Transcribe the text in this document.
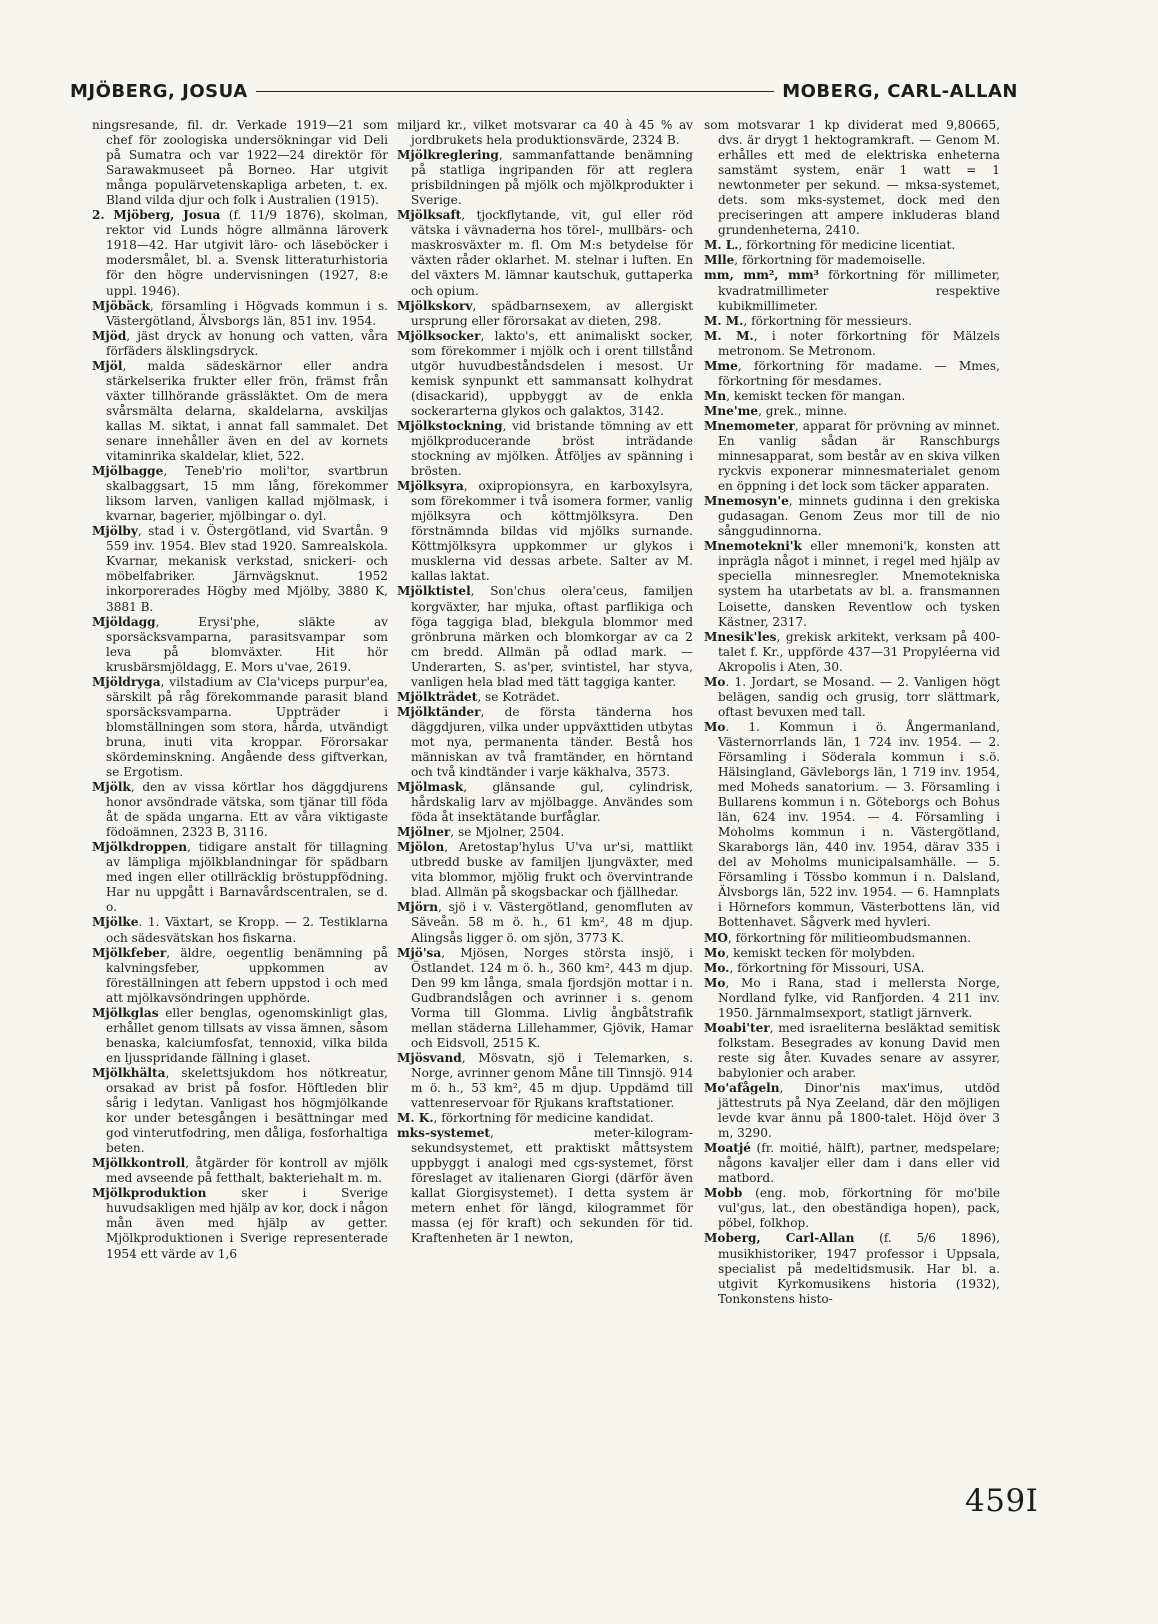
MJÖBERG, JOSUA	MOBERG, CARL-ALLAN

ningsresande, fil. dr. Verkade 1919—21 som chef för zoologiska undersökningar vid Deli på Sumatra och var 1922—24 direktör för Sarawakmuseet på Borneo. Har utgivit många populärvetenskapliga arbeten, t. ex. Bland vilda djur och folk i Australien (1915).

2. Mjöberg, Josua (f. 11/9 1876), skolman, rektor vid Lunds högre allmänna läroverk 1918—42. Har utgivit läro- och läseböcker i modersmålet, bl. a. Svensk litteraturhistoria för den högre undervisningen (1927, 8:e uppl. 1946).

Mjöbäck, församling i Högvads kommun i s. Västergötland, Älvsborgs län, 851 inv. 1954.

Mjöd, jäst dryck av honung och vatten, våra förfäders älsklingsdryck.

Mjöl, malda sädeskärnor eller andra stärkelserika frukter eller frön, främst från växter tillhörande grässläktet. Om de mera svårsmälta delarna, skaldelarna, avskiljas kallas M. siktat, i annat fall sammalet. Det senare innehåller även en del av kornets vitaminrika skaldelar, kliet, 522.

Mjölbagge, Teneb'rio moli'tor, svartbrun skalbaggsart, 15 mm lång, förekommer liksom larven, vanligen kallad mjölmask, i kvarnar, bagerier, mjölbingar o. dyl.

Mjölby, stad i v. Östergötland, vid Svartån. 9 559 inv. 1954. Blev stad 1920. Samrealskola. Kvarnar, mekanisk verkstad, snickeri- och möbelfabriker. Järnvägsknut. 1952 inkorporerades Högby med Mjölby, 3880 K, 3881 B.

Mjöldagg, Erysi'phe, släkte av sporsäcksvamparna, parasitsvampar som leva på blomväxter. Hit hör krusbärsmjöldagg, E. Mors u'vae, 2619.

Mjöldryga, vilstadium av Cla'viceps purpur'ea, särskilt på råg förekommande parasit bland sporsäcksvamparna. Uppträder i blomställningen som stora, hårda, utvändigt bruna, inuti vita kroppar. Förorsakar skördeminskning. Angående dess giftverkan, se Ergotism.

Mjölk, den av vissa körtlar hos däggdjurens honor avsöndrade vätska, som tjänar till föda åt de späda ungarna. Ett av våra viktigaste födoämnen, 2323 B, 3116.

Mjölkdroppen, tidigare anstalt för tillagning av lämpliga mjölkblandningar för spädbarn med ingen eller otillräcklig bröstuppfödning. Har nu uppgått i Barnavårdscentralen, se d. o.

Mjölke. 1. Växtart, se Kropp. — 2. Testiklarna och sädesvätskan hos fiskarna.

Mjölkfeber, äldre, oegentlig benämning på kalvningsfeber, uppkommen av föreställningen att febern uppstod i och med att mjölkavsöndringen upphörde.

Mjölkglas eller benglas, ogenomskinligt glas, erhållet genom tillsats av vissa ämnen, såsom benaska, kalciumfosfat, tennoxid, vilka bilda en ljusspridande fällning i glaset.

Mjölkhälta, skelettsjukdom hos nötkreatur, orsakad av brist på fosfor. Höftleden blir sårig i ledytan. Vanligast hos högmjölkande kor under betesgången i besättningar med god vinterutfodring, men dåliga, fosforhaltiga beten.

Mjölkkontroll, åtgärder för kontroll av mjölk med avseende på fetthalt, bakteriehalt m. m.

Mjölkproduktion sker i Sverige huvudsakligen med hjälp av kor, dock i någon mån även med hjälp av getter. Mjölkproduktionen i Sverige representerade 1954 ett värde av 1,6

miljard kr., vilket motsvarar ca 40 à 45 % av jordbrukets hela produktionsvärde, 2324 B.

Mjölkreglering, sammanfattande benämning på statliga ingripanden för att reglera prisbildningen på mjölk och mjölkprodukter i Sverige.

Mjölksaft, tjockflytande, vit, gul eller röd vätska i vävnaderna hos törel-, mullbärs- och maskrosväxter m. fl. Om M:s betydelse för växten råder oklarhet. M. stelnar i luften. En del växters M. lämnar kautschuk, guttaperka och opium.

Mjölkskorv, spädbarnsexem, av allergiskt ursprung eller förorsakat av dieten, 298.

Mjölksocker, lakto's, ett animaliskt socker, som förekommer i mjölk och i orent tillstånd utgör huvudbeståndsdelen i mesost. Ur kemisk synpunkt ett sammansatt kolhydrat (disackarid), uppbyggt av de enkla sockerarterna glykos och galaktos, 3142.

Mjölkstockning, vid bristande tömning av ett mjölkproducerande bröst inträdande stockning av mjölken. Åtföljes av spänning i brösten.

Mjölksyra, oxipropionsyra, en karboxylsyra, som förekommer i två isomera former, vanlig mjölksyra och köttmjölksyra. Den förstnämnda bildas vid mjölks surnande. Köttmjölksyra uppkommer ur glykos i musklerna vid dessas arbete. Salter av M. kallas laktat.

Mjölktistel, Son'chus olera'ceus, familjen korgväxter, har mjuka, oftast parflikiga och föga taggiga blad, blekgula blommor med grönbruna märken och blomkorgar av ca 2 cm bredd. Allmän på odlad mark. — Underarten, S. as'per, svintistel, har styva, vanligen hela blad med tätt taggiga kanter.

Mjölkträdet, se Koträdet.

Mjölktänder, de första tänderna hos däggdjuren, vilka under uppväxttiden utbytas mot nya, permanenta tänder. Bestå hos människan av två framtänder, en hörntand och två kindtänder i varje käkhalva, 3573.

Mjölmask, glänsande gul, cylindrisk, hårdskalig larv av mjölbagge. Användes som föda åt insektätande burfåglar.

Mjölner, se Mjolner, 2504.

Mjölon, Aretostap'hylus U'va ur'si, mattlikt utbredd buske av familjen ljungväxter, med vita blommor, mjölig frukt och övervintrande blad. Allmän på skogsbackar och fjällhedar.

Mjörn, sjö i v. Västergötland, genomfluten av Säveån. 58 m ö. h., 61 km², 48 m djup. Alingsås ligger ö. om sjön, 3773 K.

Mjö'sa, Mjösen, Norges största insjö, i Östlandet. 124 m ö. h., 360 km², 443 m djup. Den 99 km långa, smala fjordsjön mottar i n. Gudbrandslågen och avrinner i s. genom Vorma till Glomma. Livlig ångbåtstrafik mellan städerna Lillehammer, Gjövik, Hamar och Eidsvoll, 2515 K.

Mjösvand, Mösvatn, sjö i Telemarken, s. Norge, avrinner genom Måne till Tinnsjö. 914 m ö. h., 53 km², 45 m djup. Uppdämd till vattenreservoar för Rjukans kraftstationer.

M. K., förkortning för medicine kandidat.

mks-systemet, meter-kilogram-sekundsystemet, ett praktiskt måttsystem uppbyggt i analogi med cgs-systemet, först föreslaget av italienaren Giorgi (därför även kallat Giorgisystemet). I detta system är metern enhet för längd, kilogrammet för massa (ej för kraft) och sekunden för tid. Kraftenheten är 1 newton,

som motsvarar 1 kp dividerat med 9,80665, dvs. är drygt 1 hektogramkraft. — Genom M. erhålles ett med de elektriska enheterna samstämt system, enär 1 watt = 1 newtonmeter per sekund. — mksa-systemet, dets. som mks-systemet, dock med den preciseringen att ampere inkluderas bland grundenheterna, 2410.

M. L., förkortning för medicine licentiat.

Mlle, förkortning för mademoiselle.

mm, mm², mm³ förkortning för millimeter, kvadratmillimeter respektive kubikmillimeter.

M. M., förkortning för messieurs.

M. M., i noter förkortning för Mälzels metronom. Se Metronom.

Mme, förkortning för madame. — Mmes, förkortning för mesdames.

Mn, kemiskt tecken för mangan.

Mne'me, grek., minne.

Mnemometer, apparat för prövning av minnet. En vanlig sådan är Ranschburgs minnesapparat, som består av en skiva vilken ryckvis exponerar minnesmaterialet genom en öppning i det lock som täcker apparaten.

Mnemosyn'e, minnets gudinna i den grekiska gudasagan. Genom Zeus mor till de nio sånggudinnorna.

Mnemotekni'k eller mnemoni'k, konsten att inprägla något i minnet, i regel med hjälp av speciella minnesregler. Mnemotekniska system ha utarbetats av bl. a. fransmannen Loisette, dansken Reventlow och tysken Kästner, 2317.

Mnesik'les, grekisk arkitekt, verksam på 400-talet f. Kr., uppförde 437—31 Propyléerna vid Akropolis i Aten, 30.

Mo. 1. Jordart, se Mosand. — 2. Vanligen högt belägen, sandig och grusig, torr slättmark, oftast bevuxen med tall.

Mo. 1. Kommun i ö. Ångermanland, Västernorrlands län, 1 724 inv. 1954. — 2. Församling i Söderala kommun i s.ö. Hälsingland, Gävleborgs län, 1 719 inv. 1954, med Moheds sanatorium. — 3. Församling i Bullarens kommun i n. Göteborgs och Bohus län, 624 inv. 1954. — 4. Församling i Moholms kommun i n. Västergötland, Skaraborgs län, 440 inv. 1954, därav 335 i del av Moholms municipalsamhälle. — 5. Församling i Tössbo kommun i n. Dalsland, Älvsborgs län, 522 inv. 1954. — 6. Hamnplats i Hörnefors kommun, Västerbottens län, vid Bottenhavet. Sågverk med hyvleri.

MO, förkortning för militieombudsmannen.

Mo, kemiskt tecken för molybden.

Mo., förkortning för Missouri, USA.

Mo, Mo i Rana, stad i mellersta Norge, Nordland fylke, vid Ranfjorden. 4 211 inv. 1950. Järnmalmsexport, statligt järnverk.

Moabi'ter, med israeliterna besläktad semitisk folkstam. Besegrades av konung David men reste sig åter. Kuvades senare av assyrer, babylonier och araber.

Mo'afågeln, Dinor'nis max'imus, utdöd jättestruts på Nya Zeeland, där den möjligen levde kvar ännu på 1800-talet. Höjd över 3 m, 3290.

Moatjé (fr. moitié, hälft), partner, medspelare; någons kavaljer eller dam i dans eller vid matbord.

Mobb (eng. mob, förkortning för mo'bile vul'gus, lat., den obeständiga hopen), pack, pöbel, folkhop.

Moberg, Carl-Allan (f. 5/6 1896), musikhistoriker, 1947 professor i Uppsala, specialist på medeltidsmusik. Har bl. a. utgivit Kyrkomusikens historia (1932), Tonkonstens histo-

459I
